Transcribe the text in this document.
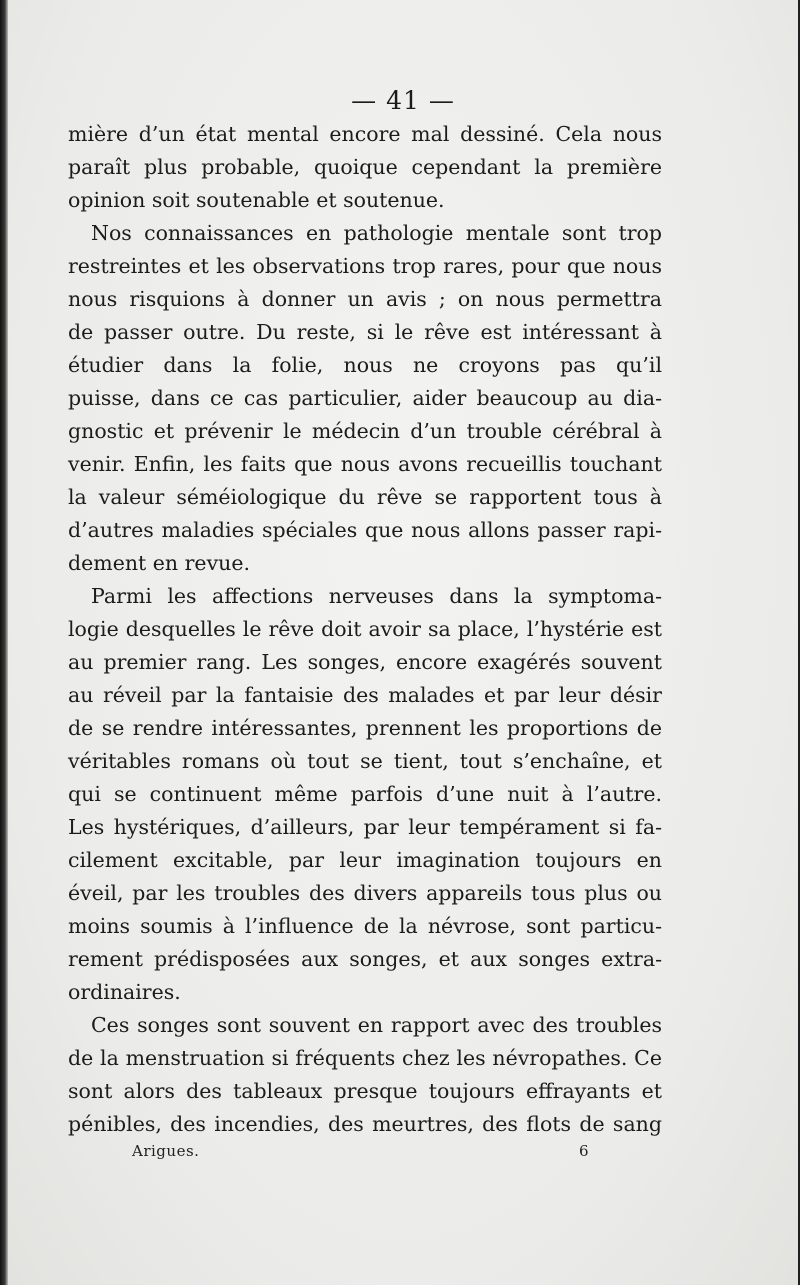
— 41 —
mière d’un état mental encore mal dessiné. Cela nous
paraît plus probable, quoique cependant la première
opinion soit soutenable et soutenue.
Nos connaissances en pathologie mentale sont trop
restreintes et les observations trop rares, pour que nous
nous risquions à donner un avis ; on nous permettra
de passer outre. Du reste, si le rêve est intéressant à
étudier dans la folie, nous ne croyons pas qu’il
puisse, dans ce cas particulier, aider beaucoup au dia-
gnostic et prévenir le médecin d’un trouble cérébral à
venir. Enfin, les faits que nous avons recueillis touchant
la valeur séméiologique du rêve se rapportent tous à
d’autres maladies spéciales que nous allons passer rapi-
dement en revue.
Parmi les affections nerveuses dans la symptoma-
logie desquelles le rêve doit avoir sa place, l’hystérie est
au premier rang. Les songes, encore exagérés souvent
au réveil par la fantaisie des malades et par leur désir
de se rendre intéressantes, prennent les proportions de
véritables romans où tout se tient, tout s’enchaîne, et
qui se continuent même parfois d’une nuit à l’autre.
Les hystériques, d’ailleurs, par leur tempérament si fa-
cilement excitable, par leur imagination toujours en
éveil, par les troubles des divers appareils tous plus ou
moins soumis à l’influence de la névrose, sont particu-
rement prédisposées aux songes, et aux songes extra-
ordinaires.
Ces songes sont souvent en rapport avec des troubles
de la menstruation si fréquents chez les névropathes. Ce
sont alors des tableaux presque toujours effrayants et
pénibles, des incendies, des meurtres, des flots de sang
Arigues.	6
